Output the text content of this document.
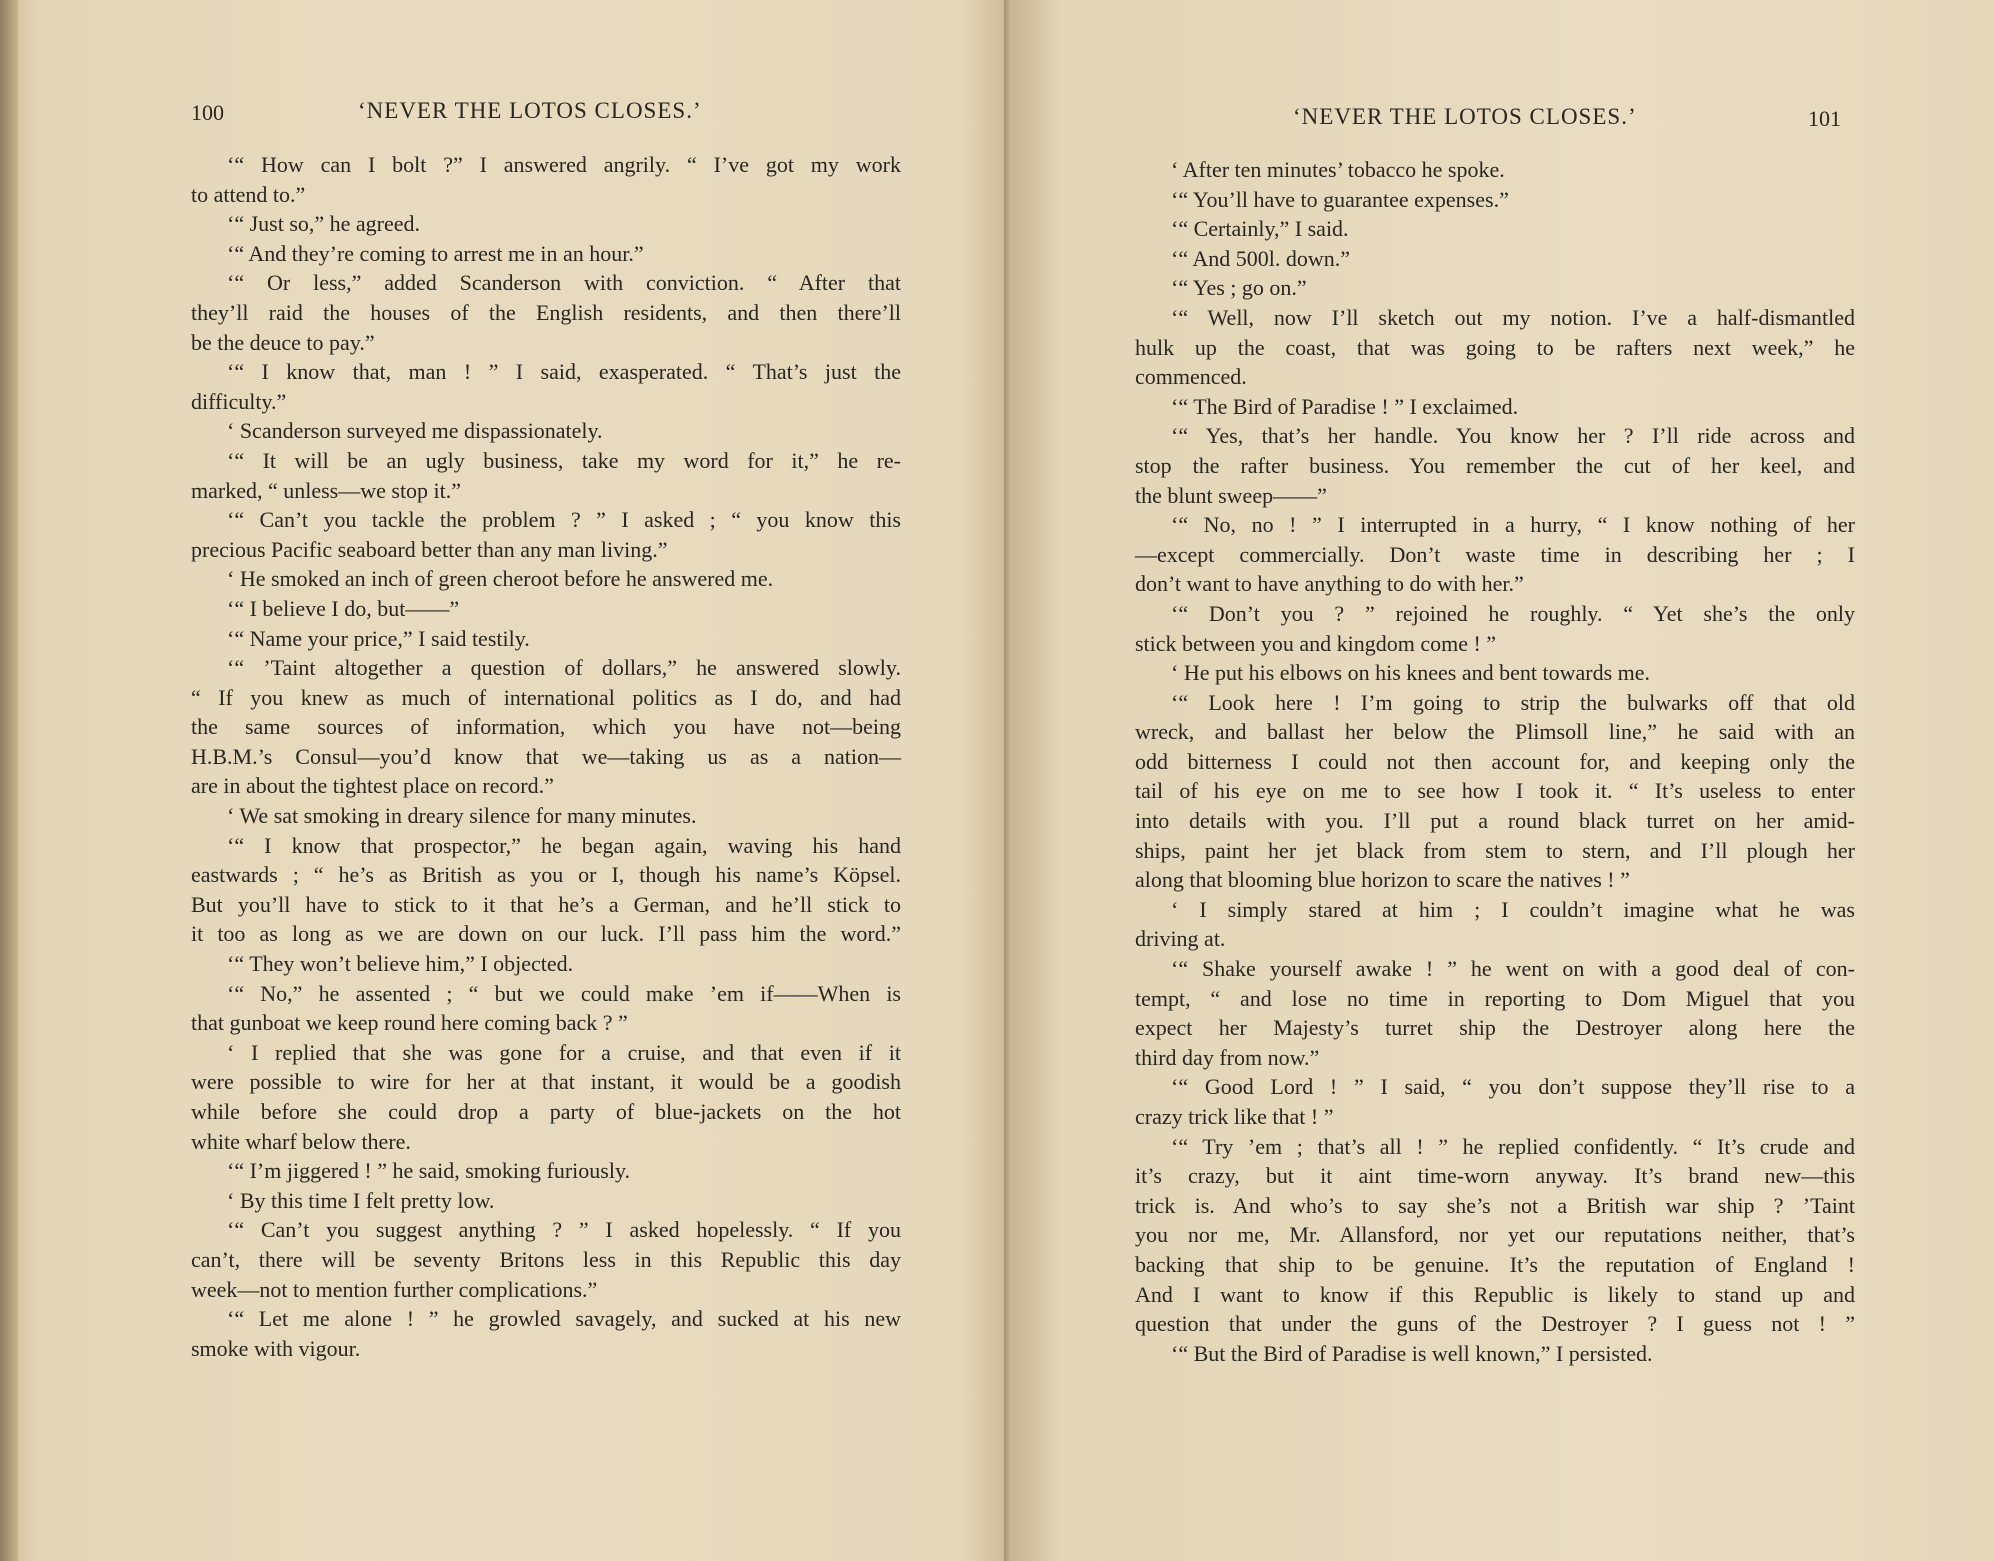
100	‘NEVER THE LOTOS CLOSES.’
‘“ How can I bolt ?” I answered angrily. “ I’ve got my work
to attend to.”
‘“ Just so,” he agreed.
‘“ And they’re coming to arrest me in an hour.”
‘“ Or less,” added Scanderson with conviction. “ After that
they’ll raid the houses of the English residents, and then there’ll
be the deuce to pay.”
‘“ I know that, man ! ” I said, exasperated. “ That’s just the
difficulty.”
‘ Scanderson surveyed me dispassionately.
‘“ It will be an ugly business, take my word for it,” he re-
marked, “ unless—we stop it.”
‘“ Can’t you tackle the problem ? ” I asked ; “ you know this
precious Pacific seaboard better than any man living.”
‘ He smoked an inch of green cheroot before he answered me.
‘“ I believe I do, but——”
‘“ Name your price,” I said testily.
‘“ ’Taint altogether a question of dollars,” he answered slowly.
“ If you knew as much of international politics as I do, and had
the same sources of information, which you have not—being
H.B.M.’s Consul—you’d know that we—taking us as a nation—
are in about the tightest place on record.”
‘ We sat smoking in dreary silence for many minutes.
‘“ I know that prospector,” he began again, waving his hand
eastwards ; “ he’s as British as you or I, though his name’s Köpsel.
But you’ll have to stick to it that he’s a German, and he’ll stick to
it too as long as we are down on our luck. I’ll pass him the word.”
‘“ They won’t believe him,” I objected.
‘“ No,” he assented ; “ but we could make ’em if——When is
that gunboat we keep round here coming back ? ”
‘ I replied that she was gone for a cruise, and that even if it
were possible to wire for her at that instant, it would be a goodish
while before she could drop a party of blue-jackets on the hot
white wharf below there.
‘“ I’m jiggered ! ” he said, smoking furiously.
‘ By this time I felt pretty low.
‘“ Can’t you suggest anything ? ” I asked hopelessly. “ If you
can’t, there will be seventy Britons less in this Republic this day
week—not to mention further complications.”
‘“ Let me alone ! ” he growled savagely, and sucked at his new
smoke with vigour.
‘NEVER THE LOTOS CLOSES.’	101
‘ After ten minutes’ tobacco he spoke.
‘“ You’ll have to guarantee expenses.”
‘“ Certainly,” I said.
‘“ And 500l. down.”
‘“ Yes ; go on.”
‘“ Well, now I’ll sketch out my notion. I’ve a half-dismantled
hulk up the coast, that was going to be rafters next week,” he
commenced.
‘“ The Bird of Paradise ! ” I exclaimed.
‘“ Yes, that’s her handle. You know her ? I’ll ride across and
stop the rafter business. You remember the cut of her keel, and
the blunt sweep——”
‘“ No, no ! ” I interrupted in a hurry, “ I know nothing of her
—except commercially. Don’t waste time in describing her ; I
don’t want to have anything to do with her.”
‘“ Don’t you ? ” rejoined he roughly. “ Yet she’s the only
stick between you and kingdom come ! ”
‘ He put his elbows on his knees and bent towards me.
‘“ Look here ! I’m going to strip the bulwarks off that old
wreck, and ballast her below the Plimsoll line,” he said with an
odd bitterness I could not then account for, and keeping only the
tail of his eye on me to see how I took it. “ It’s useless to enter
into details with you. I’ll put a round black turret on her amid-
ships, paint her jet black from stem to stern, and I’ll plough her
along that blooming blue horizon to scare the natives ! ”
‘ I simply stared at him ; I couldn’t imagine what he was
driving at.
‘“ Shake yourself awake ! ” he went on with a good deal of con-
tempt, “ and lose no time in reporting to Dom Miguel that you
expect her Majesty’s turret ship the Destroyer along here the
third day from now.”
‘“ Good Lord ! ” I said, “ you don’t suppose they’ll rise to a
crazy trick like that ! ”
‘“ Try ’em ; that’s all ! ” he replied confidently. “ It’s crude and
it’s crazy, but it aint time-worn anyway. It’s brand new—this
trick is. And who’s to say she’s not a British war ship ? ’Taint
you nor me, Mr. Allansford, nor yet our reputations neither, that’s
backing that ship to be genuine. It’s the reputation of England !
And I want to know if this Republic is likely to stand up and
question that under the guns of the Destroyer ? I guess not ! ”
‘“ But the Bird of Paradise is well known,” I persisted.
